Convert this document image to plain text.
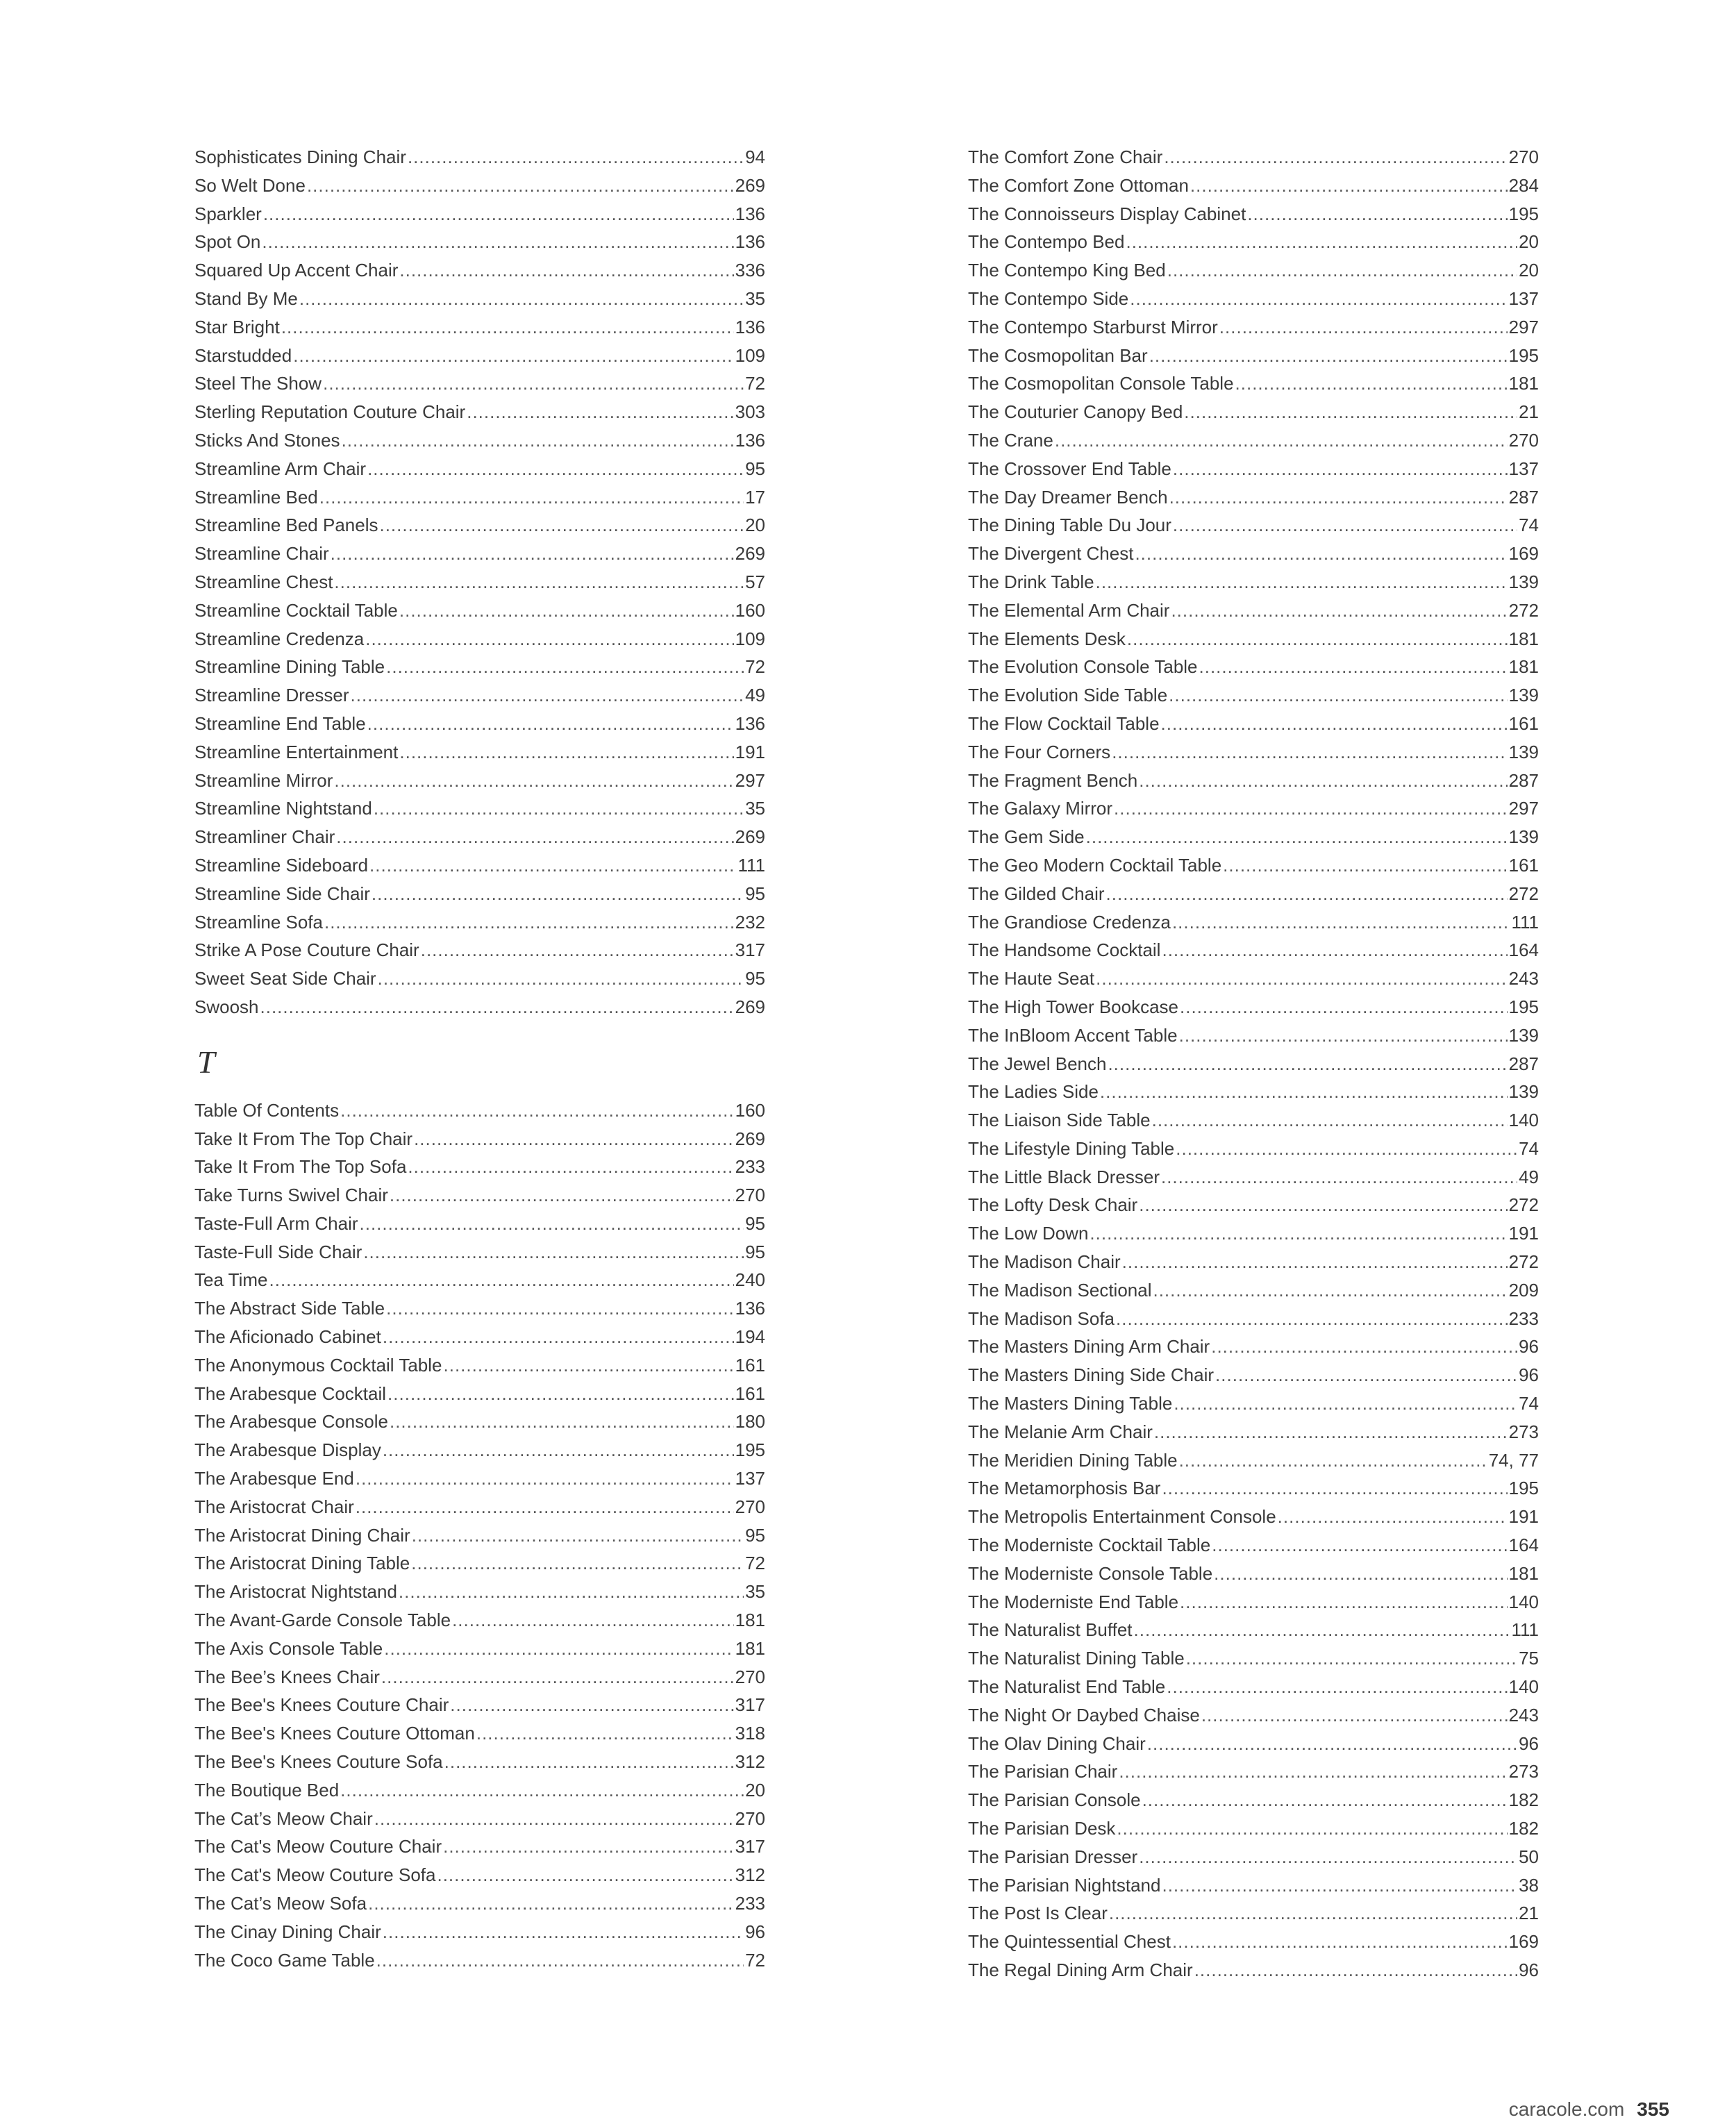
Sophisticates Dining Chair .....	94
So Welt Done .....	269
Sparkler .....	136
Spot On .....	136
Squared Up Accent Chair .....	336
Stand By Me .....	35
Star Bright .....	136
Starstudded .....	109
Steel The Show .....	72
Sterling Reputation Couture Chair .....	303
Sticks And Stones .....	136
Streamline Arm Chair .....	95
Streamline Bed .....	17
Streamline Bed Panels .....	20
Streamline Chair .....	269
Streamline Chest .....	57
Streamline Cocktail Table .....	160
Streamline Credenza .....	109
Streamline Dining Table .....	72
Streamline Dresser .....	49
Streamline End Table .....	136
Streamline Entertainment .....	191
Streamline Mirror .....	297
Streamline Nightstand .....	35
Streamliner Chair .....	269
Streamline Sideboard .....	111
Streamline Side Chair .....	95
Streamline Sofa .....	232
Strike A Pose Couture Chair .....	317
Sweet Seat Side Chair .....	95
Swoosh .....	269
T
Table Of Contents .....	160
Take It From The Top Chair .....	269
Take It From The Top Sofa .....	233
Take Turns Swivel Chair .....	270
Taste-Full Arm Chair .....	95
Taste-Full Side Chair .....	95
Tea Time .....	240
The Abstract Side Table .....	136
The Aficionado Cabinet .....	194
The Anonymous Cocktail Table .....	161
The Arabesque Cocktail .....	161
The Arabesque Console .....	180
The Arabesque Display .....	195
The Arabesque End .....	137
The Aristocrat Chair .....	270
The Aristocrat Dining Chair .....	95
The Aristocrat Dining Table .....	72
The Aristocrat Nightstand .....	35
The Avant-Garde Console Table .....	181
The Axis Console Table .....	181
The Bee’s Knees Chair .....	270
The Bee's Knees Couture Chair .....	317
The Bee's Knees Couture Ottoman .....	318
The Bee's Knees Couture Sofa .....	312
The Boutique Bed .....	20
The Cat’s Meow Chair .....	270
The Cat's Meow Couture Chair .....	317
The Cat's Meow Couture Sofa .....	312
The Cat’s Meow Sofa .....	233
The Cinay Dining Chair .....	96
The Coco Game Table .....	72
The Comfort Zone Chair .....	270
The Comfort Zone Ottoman .....	284
The Connoisseurs Display Cabinet .....	195
The Contempo Bed .....	20
The Contempo King Bed .....	20
The Contempo Side .....	137
The Contempo Starburst Mirror .....	297
The Cosmopolitan Bar .....	195
The Cosmopolitan Console Table .....	181
The Couturier Canopy Bed .....	21
The Crane .....	270
The Crossover End Table .....	137
The Day Dreamer Bench .....	287
The Dining Table Du Jour .....	74
The Divergent Chest .....	169
The Drink Table .....	139
The Elemental Arm Chair .....	272
The Elements Desk .....	181
The Evolution Console Table .....	181
The Evolution Side Table .....	139
The Flow Cocktail Table .....	161
The Four Corners .....	139
The Fragment Bench .....	287
The Galaxy Mirror .....	297
The Gem Side .....	139
The Geo Modern Cocktail Table .....	161
The Gilded Chair .....	272
The Grandiose Credenza .....	111
The Handsome Cocktail .....	164
The Haute Seat .....	243
The High Tower Bookcase .....	195
The InBloom Accent Table .....	139
The Jewel Bench .....	287
The Ladies Side .....	139
The Liaison Side Table .....	140
The Lifestyle Dining Table .....	74
The Little Black Dresser .....	49
The Lofty Desk Chair .....	272
The Low Down .....	191
The Madison Chair .....	272
The Madison Sectional .....	209
The Madison Sofa .....	233
The Masters Dining Arm Chair .....	96
The Masters Dining Side Chair .....	96
The Masters Dining Table .....	74
The Melanie Arm Chair .....	273
The Meridien Dining Table .....	74, 77
The Metamorphosis Bar .....	195
The Metropolis Entertainment Console .....	191
The Moderniste Cocktail Table .....	164
The Moderniste Console Table .....	181
The Moderniste End Table .....	140
The Naturalist Buffet .....	111
The Naturalist Dining Table .....	75
The Naturalist End Table .....	140
The Night Or Daybed Chaise .....	243
The Olav Dining Chair .....	96
The Parisian Chair .....	273
The Parisian Console .....	182
The Parisian Desk .....	182
The Parisian Dresser .....	50
The Parisian Nightstand .....	38
The Post Is Clear .....	21
The Quintessential Chest .....	169
The Regal Dining Arm Chair .....	96
caracole.com 355
